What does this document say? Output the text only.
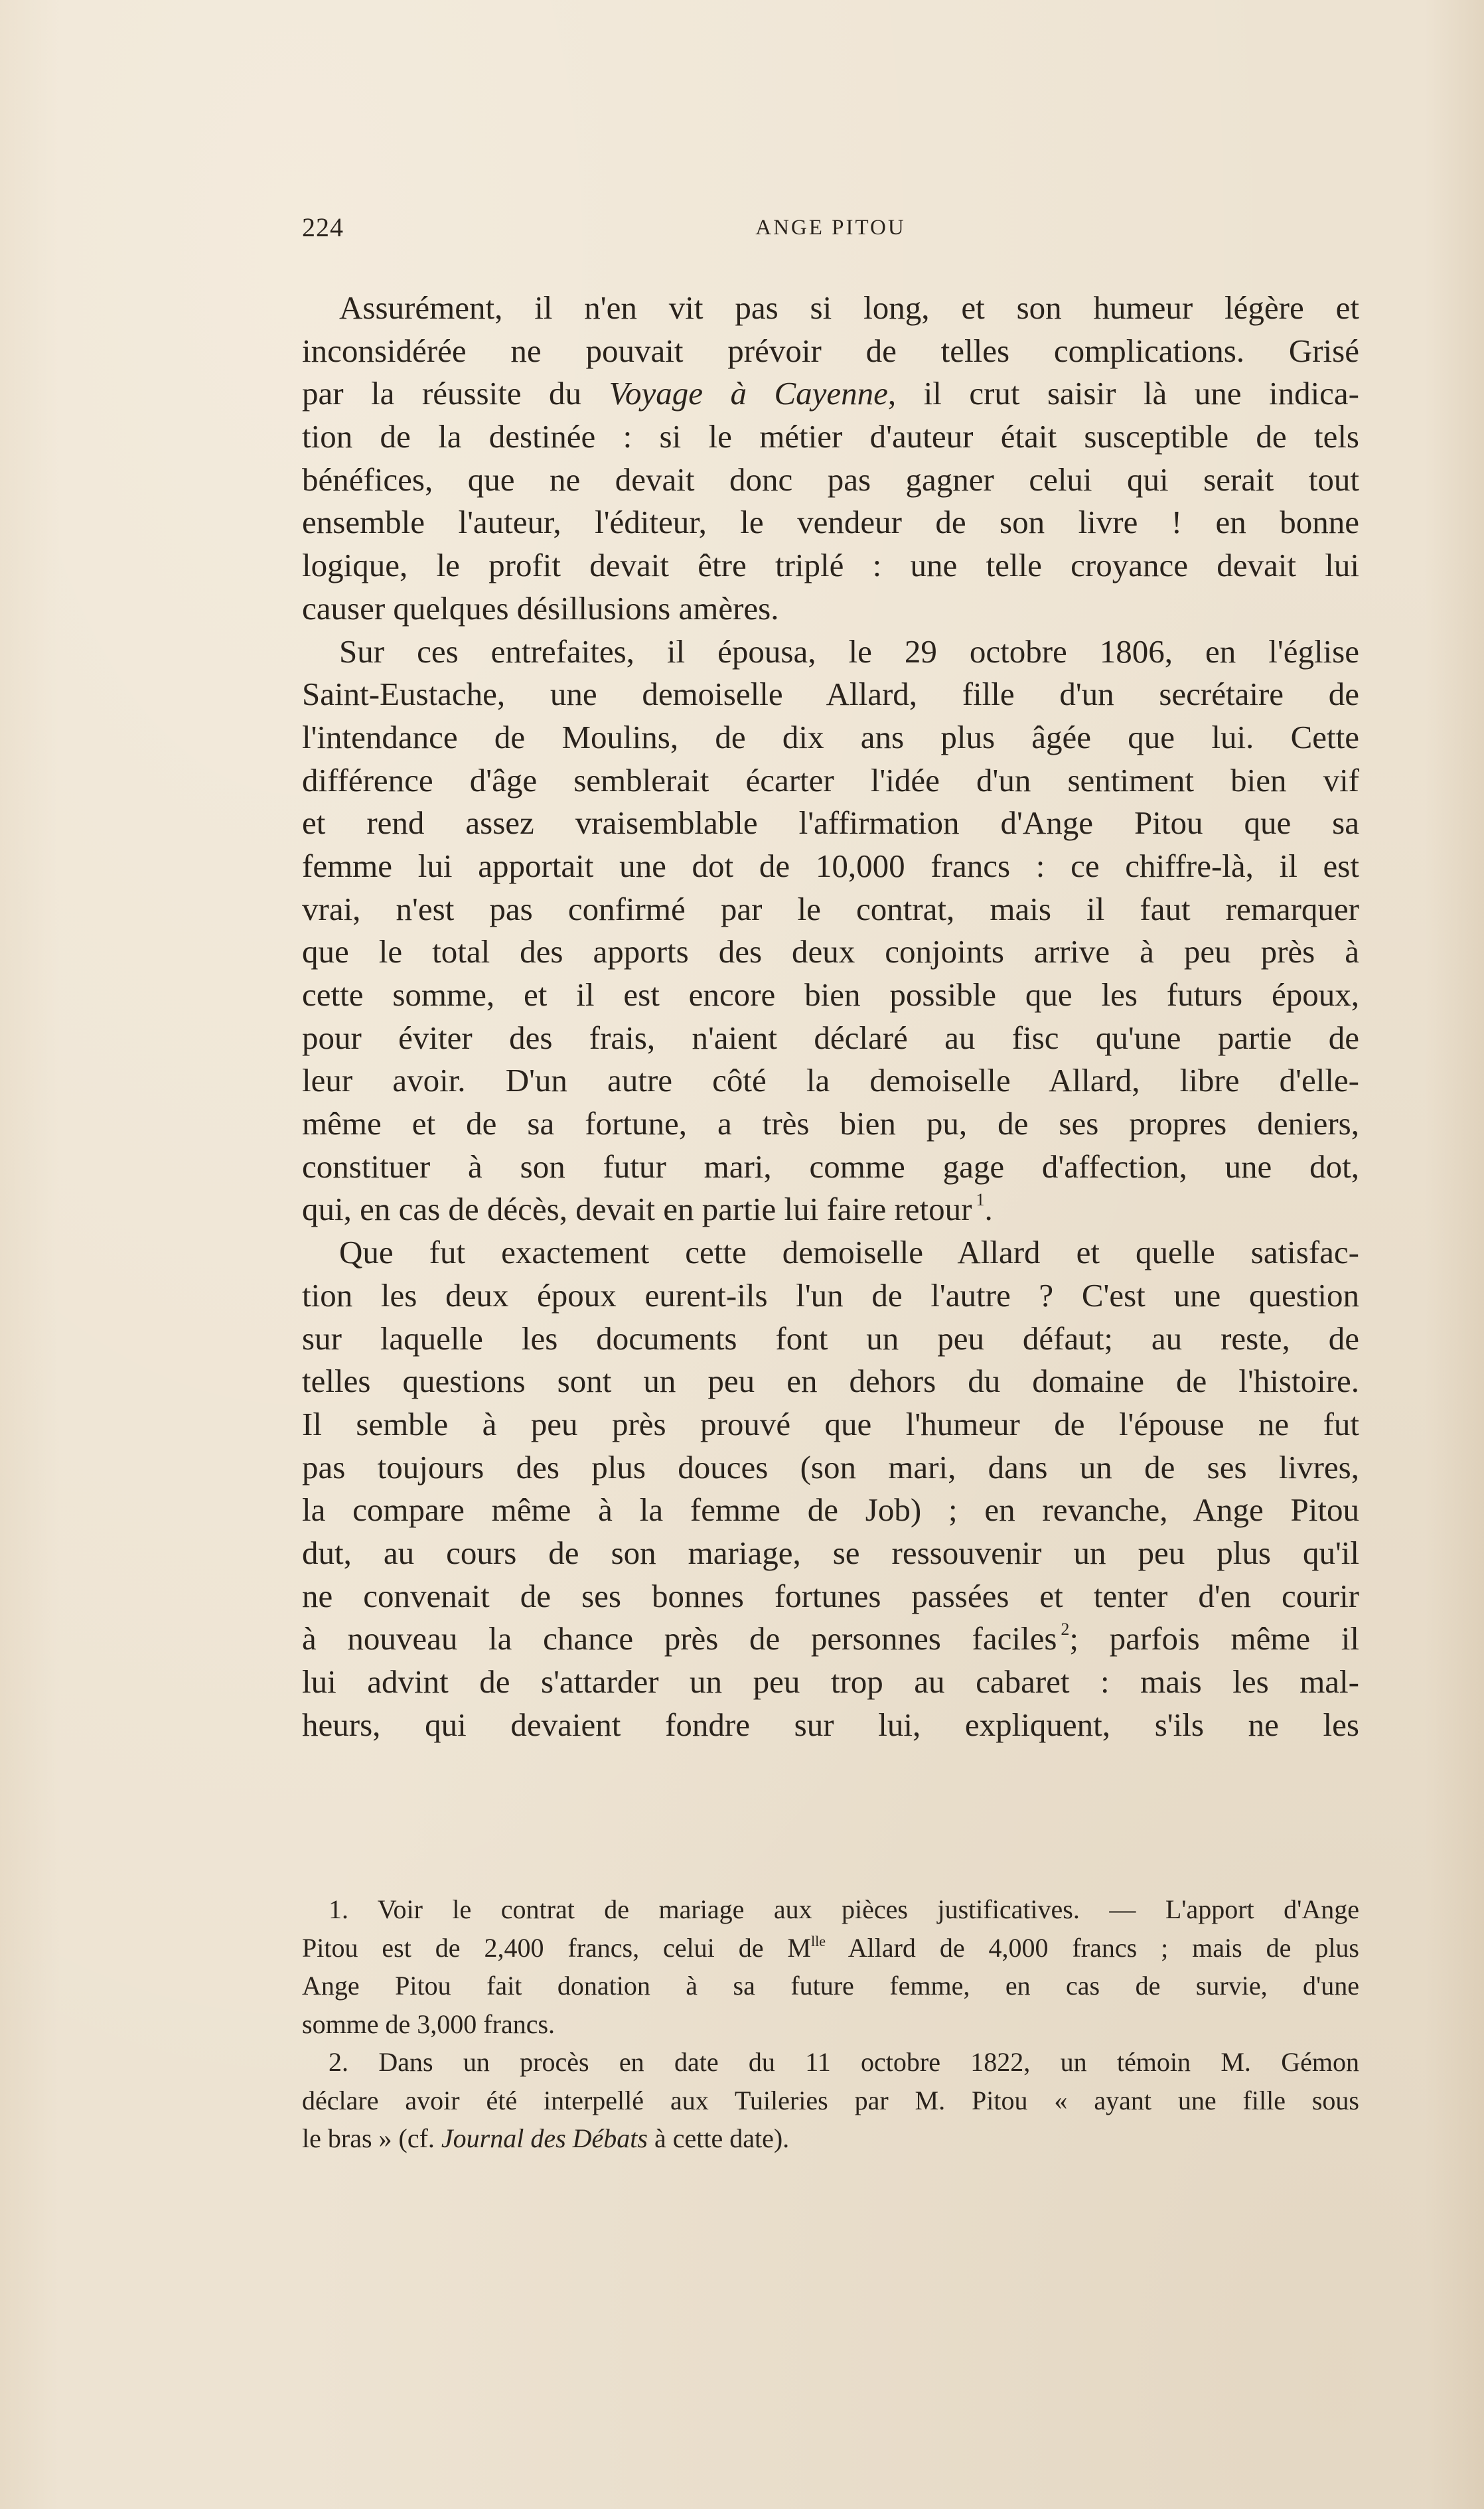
224	ANGE PITOU
Assurément, il n'en vit pas si long, et son humeur légère et
inconsidérée ne pouvait prévoir de telles complications. Grisé
par la réussite du Voyage à Cayenne, il crut saisir là une indica-
tion de la destinée : si le métier d'auteur était susceptible de tels
bénéfices, que ne devait donc pas gagner celui qui serait tout
ensemble l'auteur, l'éditeur, le vendeur de son livre ! en bonne
logique, le profit devait être triplé : une telle croyance devait lui
causer quelques désillusions amères.
Sur ces entrefaites, il épousa, le 29 octobre 1806, en l'église
Saint-Eustache, une demoiselle Allard, fille d'un secrétaire de
l'intendance de Moulins, de dix ans plus âgée que lui. Cette
différence d'âge semblerait écarter l'idée d'un sentiment bien vif
et rend assez vraisemblable l'affirmation d'Ange Pitou que sa
femme lui apportait une dot de 10,000 francs : ce chiffre-là, il est
vrai, n'est pas confirmé par le contrat, mais il faut remarquer
que le total des apports des deux conjoints arrive à peu près à
cette somme, et il est encore bien possible que les futurs époux,
pour éviter des frais, n'aient déclaré au fisc qu'une partie de
leur avoir. D'un autre côté la demoiselle Allard, libre d'elle-
même et de sa fortune, a très bien pu, de ses propres deniers,
constituer à son futur mari, comme gage d'affection, une dot,
qui, en cas de décès, devait en partie lui faire retour $^1$.
Que fut exactement cette demoiselle Allard et quelle satisfac-
tion les deux époux eurent-ils l'un de l'autre ? C'est une question
sur laquelle les documents font un peu défaut; au reste, de
telles questions sont un peu en dehors du domaine de l'histoire.
Il semble à peu près prouvé que l'humeur de l'épouse ne fut
pas toujours des plus douces (son mari, dans un de ses livres,
la compare même à la femme de Job) ; en revanche, Ange Pitou
dut, au cours de son mariage, se ressouvenir un peu plus qu'il
ne convenait de ses bonnes fortunes passées et tenter d'en courir
à nouveau la chance près de personnes faciles $^2$; parfois même il
lui advint de s'attarder un peu trop au cabaret : mais les mal-
heurs, qui devaient fondre sur lui, expliquent, s'ils ne les
1. Voir le contrat de mariage aux pièces justificatives. — L'apport d'Ange
Pitou est de 2,400 francs, celui de $M^{lle}$ Allard de 4,000 francs ; mais de plus
Ange Pitou fait donation à sa future femme, en cas de survie, d'une
somme de 3,000 francs.
2. Dans un procès en date du 11 octobre 1822, un témoin M. Gémon
déclare avoir été interpellé aux Tuileries par M. Pitou « ayant une fille sous
le bras » (cf. Journal des Débats à cette date).
